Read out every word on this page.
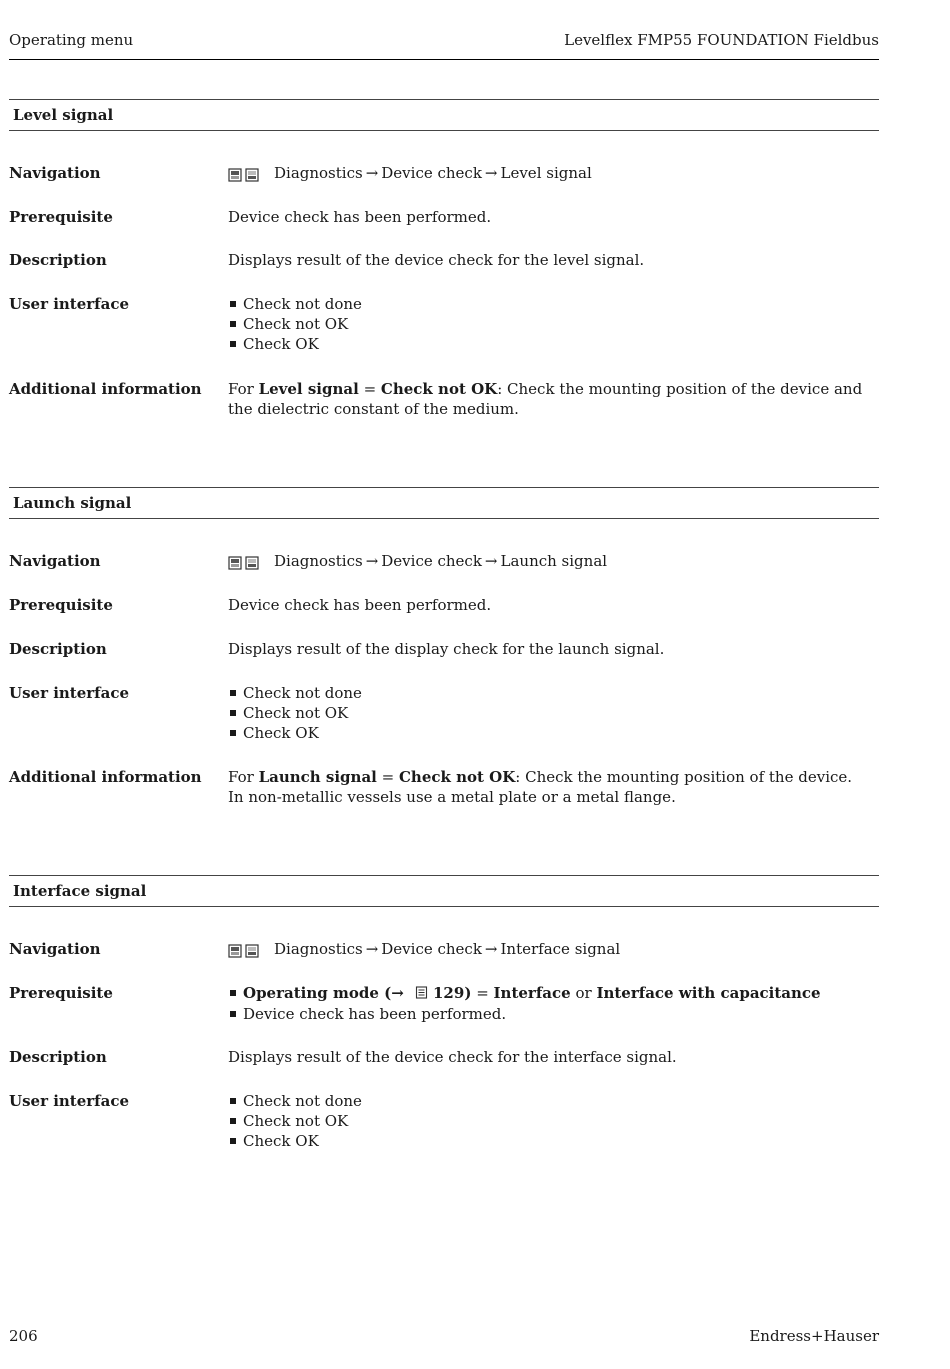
Operating menu	Levelflex FMP55 FOUNDATION Fieldbus
Level signal
Navigation	Diagnostics → Device check → Level signal
Prerequisite	Device check has been performed.
Description	Displays result of the device check for the level signal.
User interface	Check not done
Check not OK
Check OK
Additional information	For Level signal = Check not OK: Check the mounting position of the device and the dielectric constant of the medium.
Launch signal
Navigation	Diagnostics → Device check → Launch signal
Prerequisite	Device check has been performed.
Description	Displays result of the display check for the launch signal.
User interface	Check not done
Check not OK
Check OK
Additional information	For Launch signal = Check not OK: Check the mounting position of the device. In non-metallic vessels use a metal plate or a metal flange.
Interface signal
Navigation	Diagnostics → Device check → Interface signal
Prerequisite	Operating mode (→ 129) = Interface or Interface with capacitance
Device check has been performed.
Description	Displays result of the device check for the interface signal.
User interface	Check not done
Check not OK
Check OK
206	Endress+Hauser
